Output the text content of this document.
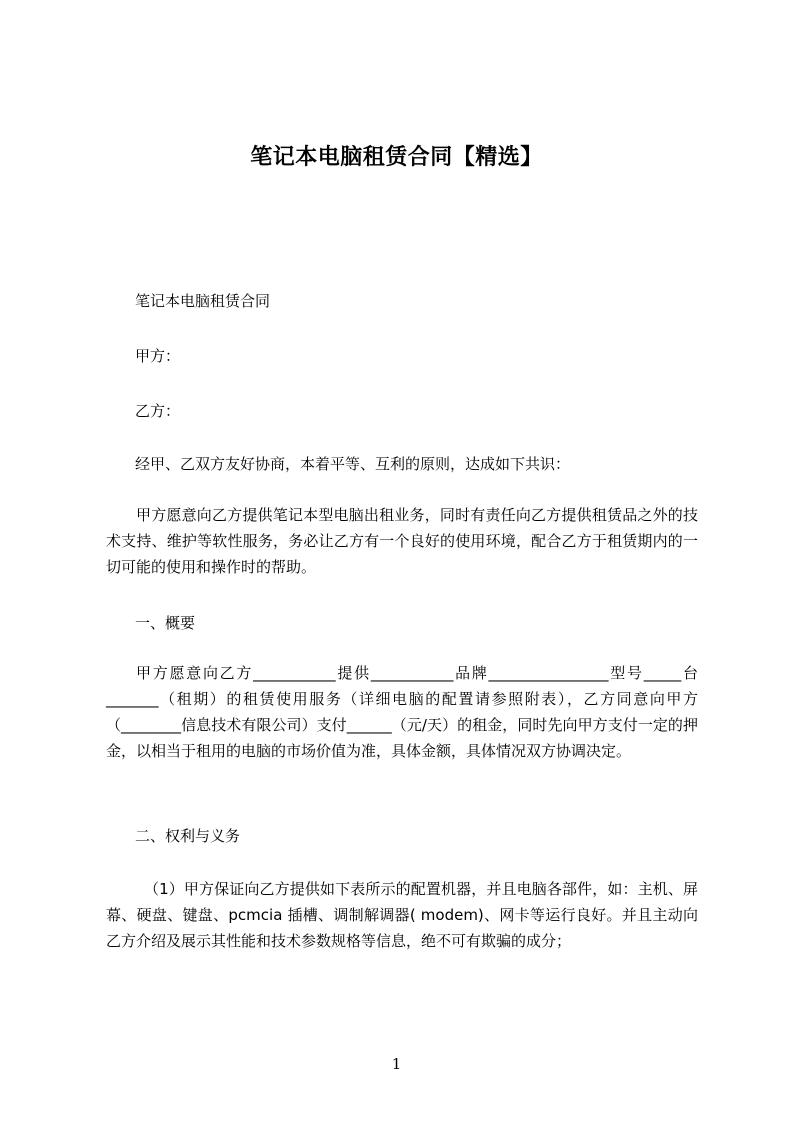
笔记本电脑租赁合同【精选】
笔记本电脑租赁合同
甲方：
乙方：
经甲、乙双方友好协商，本着平等、互利的原则，达成如下共识：
甲方愿意向乙方提供笔记本型电脑出租业务，同时有责任向乙方提供租赁品之外的技术支持、维护等软性服务，务必让乙方有一个良好的使用环境，配合乙方于租赁期内的一切可能的使用和操作时的帮助。
一、概要
甲方愿意向乙方___________提供___________品牌________________型号_____台_______（租期）的租赁使用服务（详细电脑的配置请参照附表），乙方同意向甲方（________信息技术有限公司）支付______（元/天）的租金，同时先向甲方支付一定的押金，以相当于租用的电脑的市场价值为准，具体金额，具体情况双方协调决定。
二、权利与义务
（1）甲方保证向乙方提供如下表所示的配置机器，并且电脑各部件，如：主机、屏幕、硬盘、键盘、pcmcia 插槽、调制解调器( modem)、网卡等运行良好。并且主动向乙方介绍及展示其性能和技术参数规格等信息，绝不可有欺骗的成分；
1
